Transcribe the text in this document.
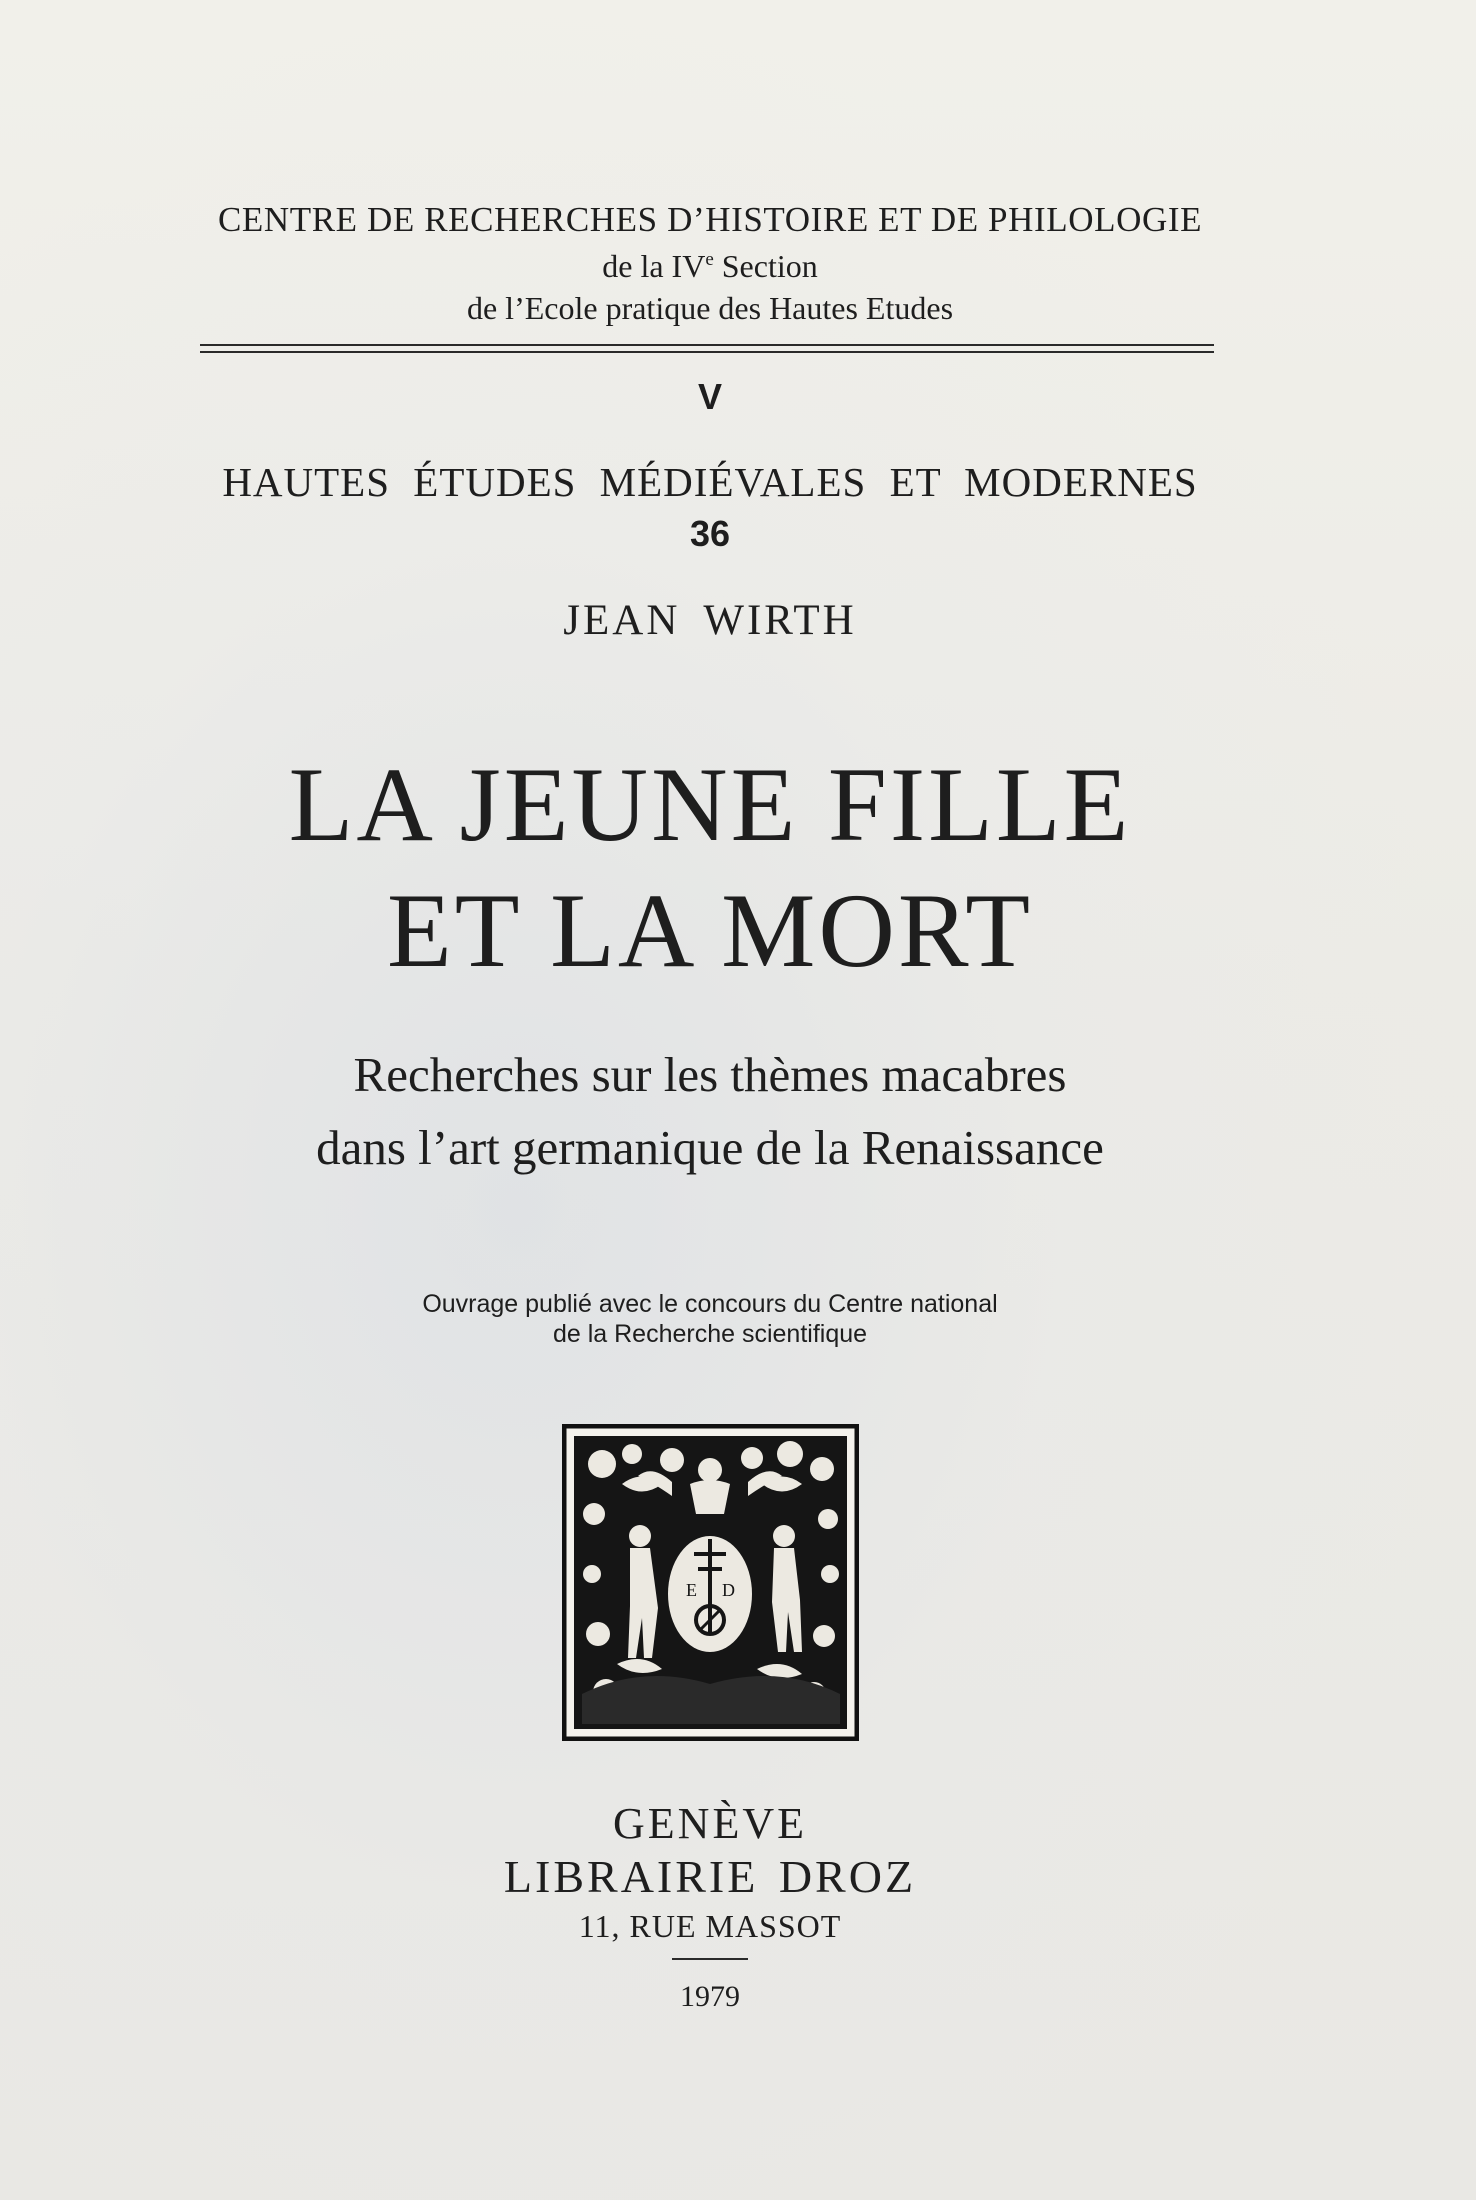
CENTRE DE RECHERCHES D’HISTOIRE ET DE PHILOLOGIE
de la IVe Section
de l’Ecole pratique des Hautes Etudes
V
HAUTES ÉTUDES MÉDIÉVALES ET MODERNES
36
JEAN WIRTH
LA JEUNE FILLE
ET LA MORT
Recherches sur les thèmes macabres
dans l’art germanique de la Renaissance
Ouvrage publié avec le concours du Centre national
de la Recherche scientifique
E D
GENÈVE
LIBRAIRIE DROZ
11, RUE MASSOT
1979
